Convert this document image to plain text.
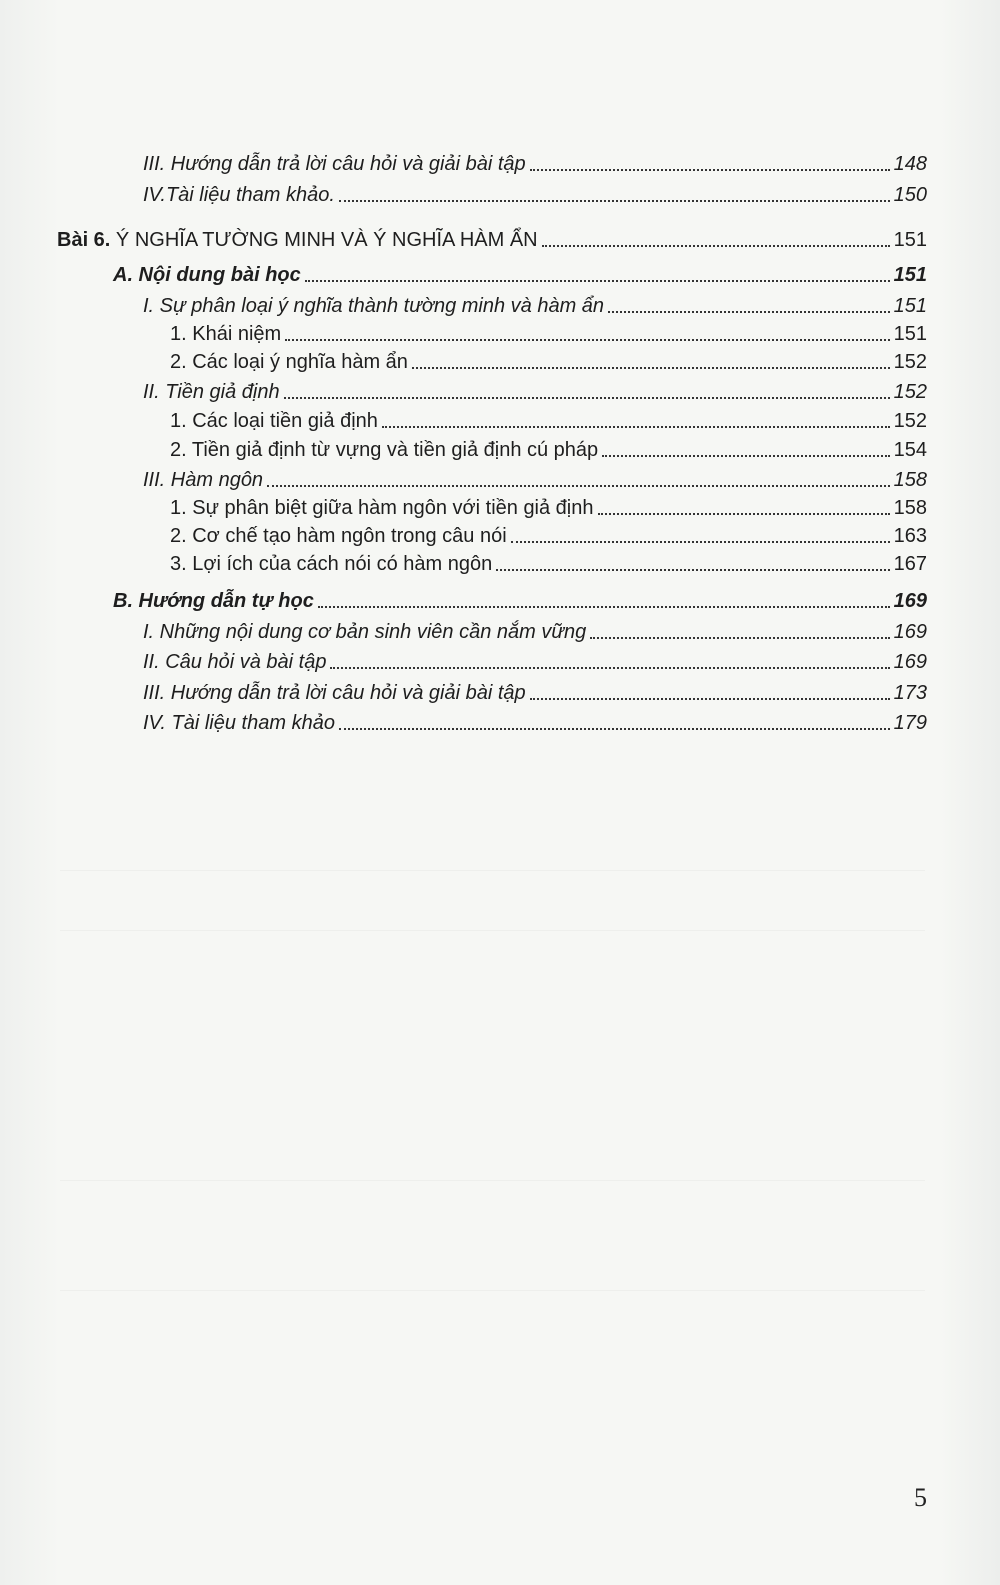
III. Hướng dẫn trả lời câu hỏi và giải bài tập	148
IV.Tài liệu tham khảo.	150
Bài 6. Ý NGHĨA TƯỜNG MINH VÀ Ý NGHĨA HÀM ẨN	151
A. Nội dung bài học	151
I. Sự phân loại ý nghĩa thành tường minh và hàm ẩn	151
1. Khái niệm	151
2. Các loại ý nghĩa hàm ẩn	152
II. Tiền giả định	152
1. Các loại tiền giả định	152
2. Tiền giả định từ vựng và tiền giả định cú pháp	154
III. Hàm ngôn	158
1. Sự phân biệt giữa hàm ngôn với tiền giả định	158
2. Cơ chế tạo hàm ngôn trong câu nói	163
3. Lợi ích của cách nói có hàm ngôn	167
B. Hướng dẫn tự học	169
I. Những nội dung cơ bản sinh viên cần nắm vững	169
II. Câu hỏi và bài tập	169
III. Hướng dẫn trả lời câu hỏi và giải bài tập	173
IV. Tài liệu tham khảo	179
5
